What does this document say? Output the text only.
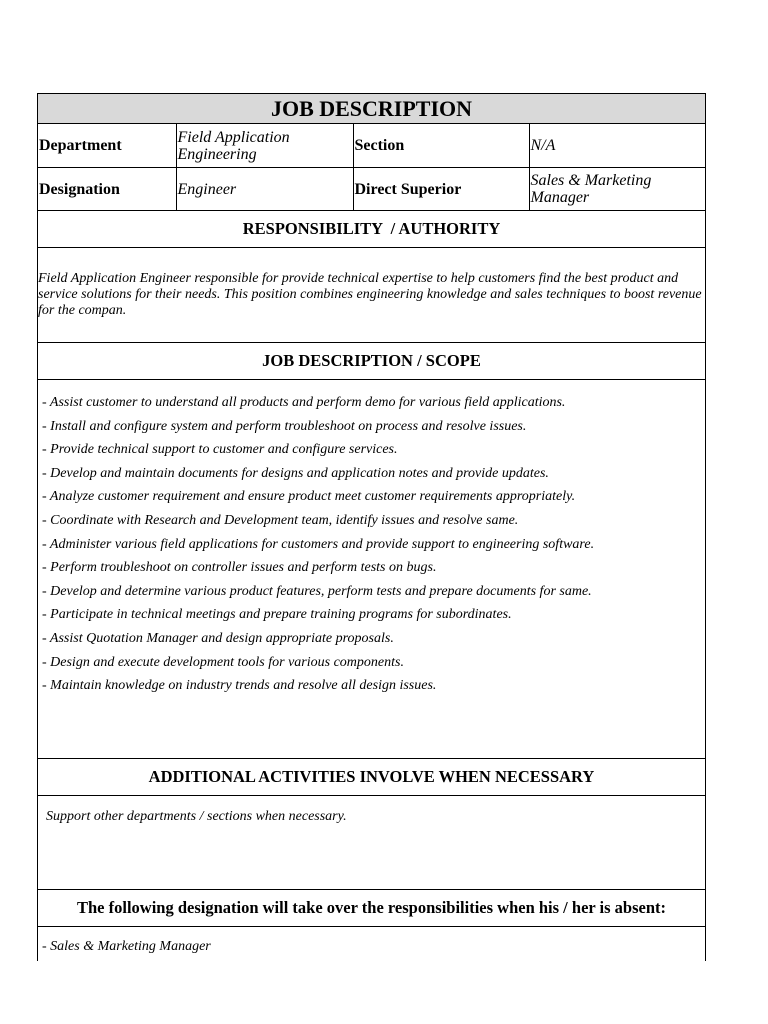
JOB DESCRIPTION
Department	Field Application Engineering	Section	N/A
Designation	Engineer	Direct Superior	Sales & Marketing Manager
RESPONSIBILITY  / AUTHORITY
Field Application Engineer responsible for provide technical expertise to help customers find the best product and service solutions for their needs. This position combines engineering knowledge and sales techniques to boost revenue for the compan.
JOB DESCRIPTION / SCOPE
- Assist customer to understand all products and perform demo for various field applications.
- Install and configure system and perform troubleshoot on process and resolve issues.
- Provide technical support to customer and configure services.
- Develop and maintain documents for designs and application notes and provide updates.
- Analyze customer requirement and ensure product meet customer requirements appropriately.
- Coordinate with Research and Development team, identify issues and resolve same.
- Administer various field applications for customers and provide support to engineering software.
- Perform troubleshoot on controller issues and perform tests on bugs.
- Develop and determine various product features, perform tests and prepare documents for same.
- Participate in technical meetings and prepare training programs for subordinates.
- Assist Quotation Manager and design appropriate proposals.
- Design and execute development tools for various components.
- Maintain knowledge on industry trends and resolve all design issues.
ADDITIONAL ACTIVITIES INVOLVE WHEN NECESSARY
Support other departments / sections when necessary.
The following designation will take over the responsibilities when his / her is absent:
- Sales & Marketing Manager
